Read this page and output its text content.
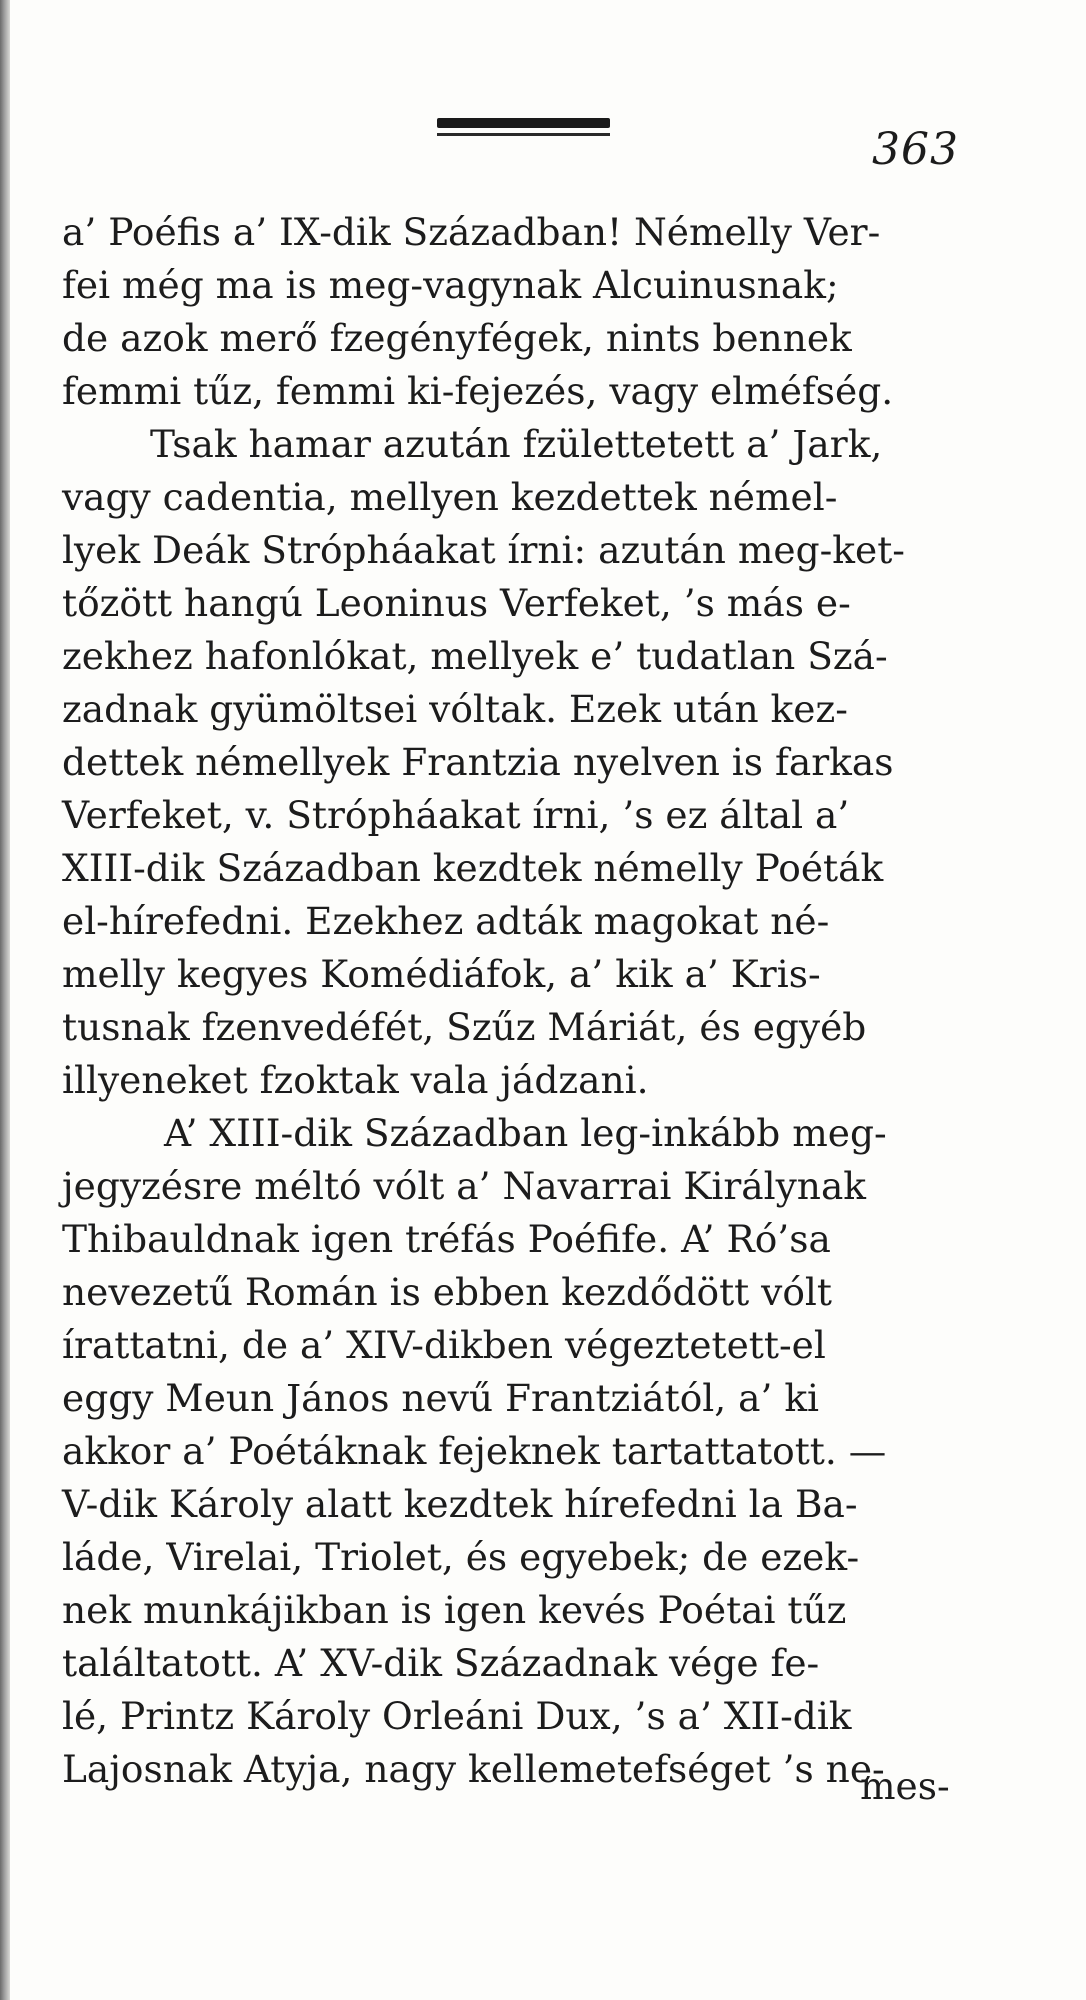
363
a’ Poéfis a’ IX-dik Században! Némelly Ver-
fei még ma is meg-vagynak Alcuinusnak;
de azok merő fzegényfégek, nints bennek
femmi tűz, femmi ki-fejezés, vagy elméfség.
Tsak hamar azután fzülettetett a’ Jark,
vagy cadentia, mellyen kezdettek némel-
lyek Deák Strópháakat írni: azután meg-ket-
tőzött hangú Leoninus Verfeket, ’s más e-
zekhez hafonlókat, mellyek e’ tudatlan Szá-
zadnak gyümöltsei vóltak. Ezek után kez-
dettek némellyek Frantzia nyelven is farkas
Verfeket, v. Strópháakat írni, ’s ez által a’
XIII-dik Században kezdtek némelly Poéták
el-hírefedni. Ezekhez adták magokat né-
melly kegyes Komédiáfok, a’ kik a’ Kris-
tusnak fzenvedéfét, Szűz Máriát, és egyéb
illyeneket fzoktak vala jádzani.
A’ XIII-dik Században leg-inkább meg-
jegyzésre méltó vólt a’ Navarrai Királynak
Thibauldnak igen tréfás Poéfife. A’ Ró’sa
nevezetű Román is ebben kezdődött vólt
írattatni, de a’ XIV-dikben végeztetett-el
eggy Meun János nevű Frantziától, a’ ki
akkor a’ Poétáknak fejeknek tartattatott. —
V-dik Károly alatt kezdtek hírefedni la Ba-
láde, Virelai, Triolet, és egyebek; de ezek-
nek munkájikban is igen kevés Poétai tűz
találtatott. A’ XV-dik Századnak vége fe-
lé, Printz Károly Orleáni Dux, ’s a’ XII-dik
Lajosnak Atyja, nagy kellemetefséget ’s ne-
mes-
